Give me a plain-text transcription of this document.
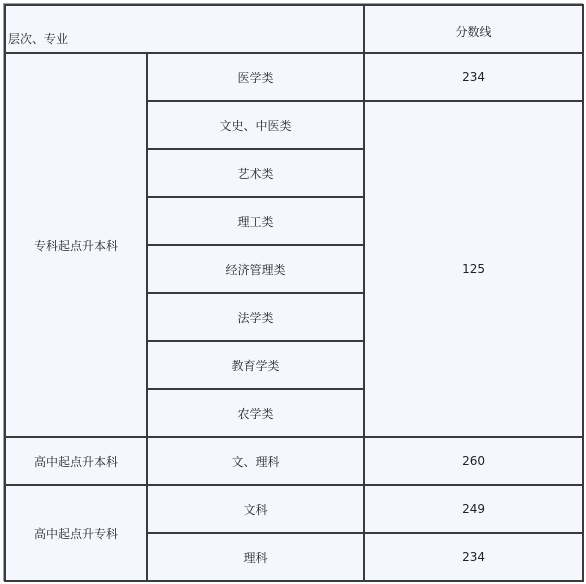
层次、专业		分数线
专科起点升本科	医学类	234
	文史、中医类	125
	艺术类	
	理工类	
	经济管理类	
	法学类	
	教育学类	
	农学类	
高中起点升本科	文、理科	260
高中起点升专科	文科	249
	理科	234
